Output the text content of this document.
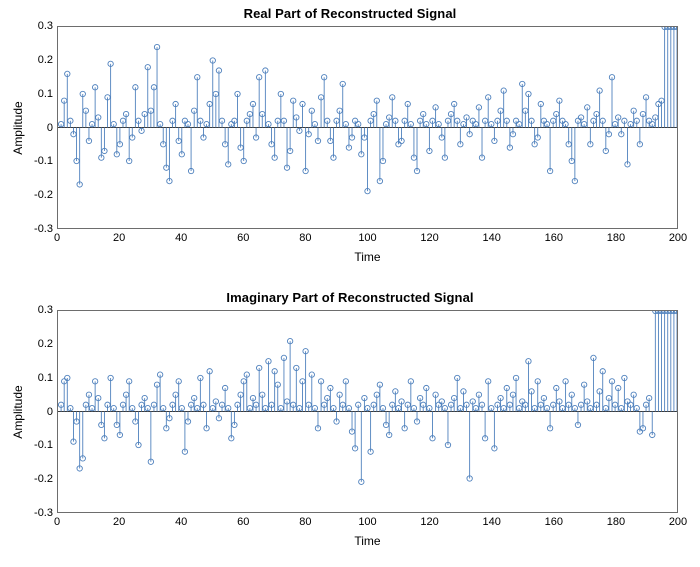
Real Part of Reconstructed Signal
Amplitude
0.3
0.2
0.1
0
-0.1
-0.2
-0.3
0	20	40	60	80	100	120	140	160	180	200
Time
Imaginary Part of Reconstructed Signal
Amplitude
0.3
0.2
0.1
0
-0.1
-0.2
-0.3
0	20	40	60	80	100	120	140	160	180	200
Time
